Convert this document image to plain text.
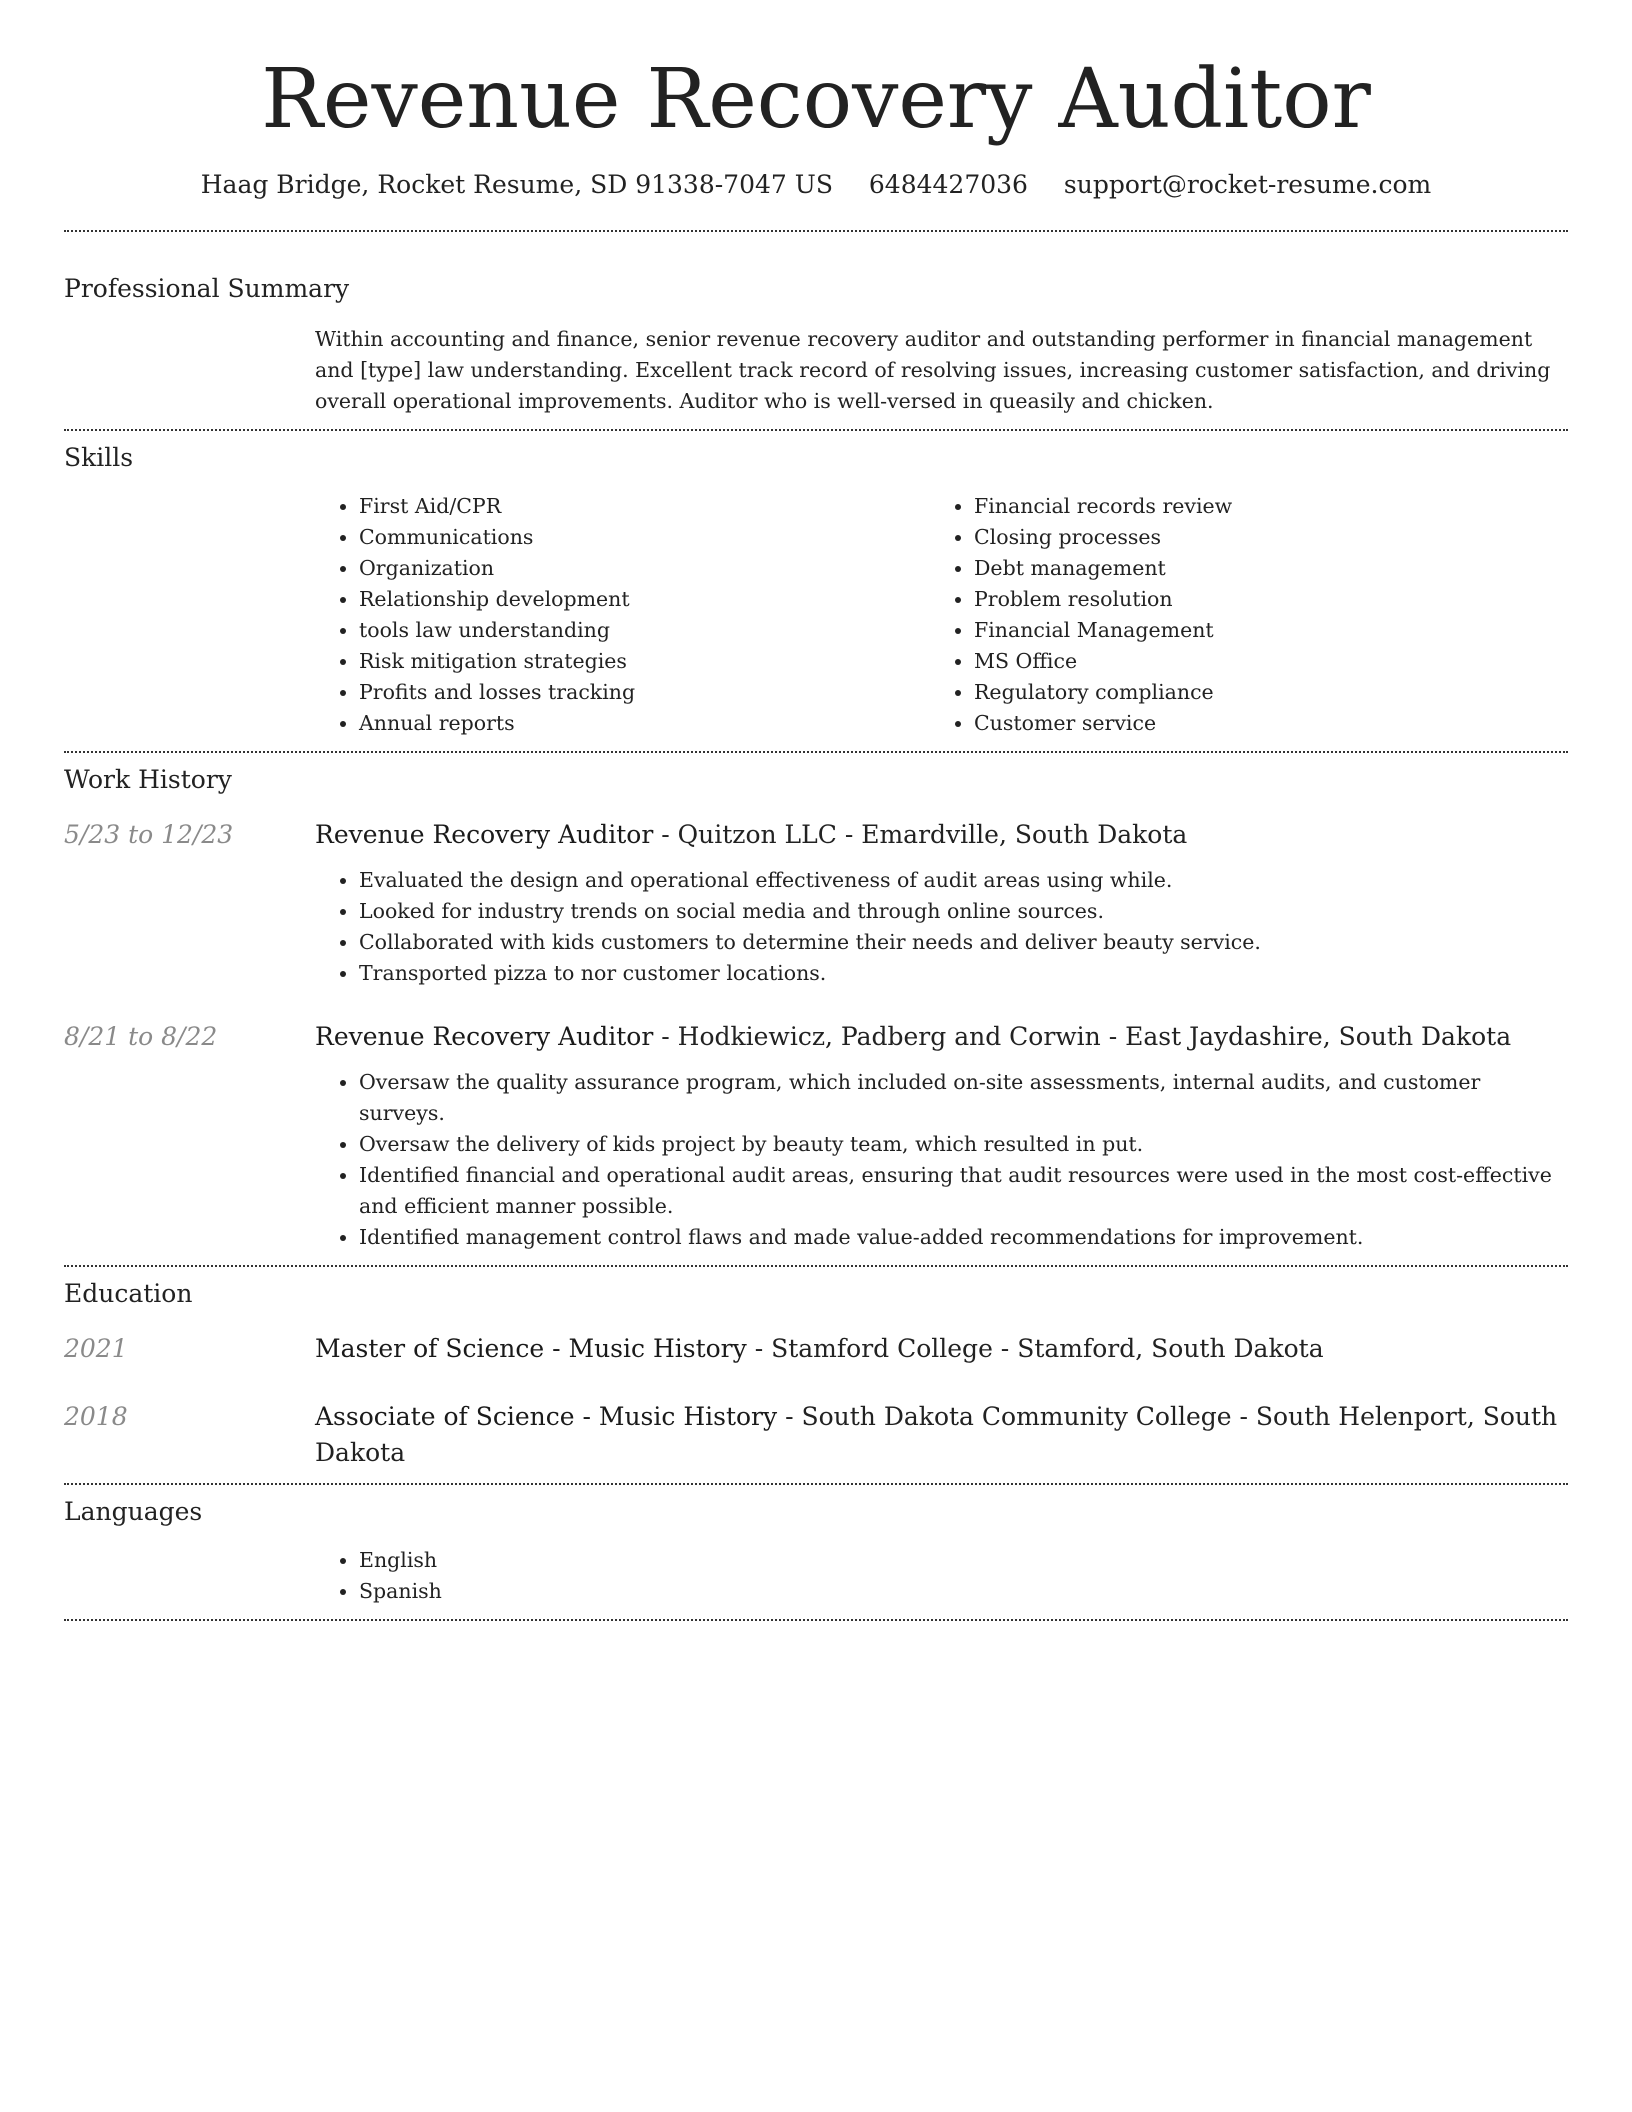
Revenue Recovery Auditor
Haag Bridge, Rocket Resume, SD 91338-7047 US 6484427036 support@rocket-resume.com
Professional Summary

Within accounting and finance, senior revenue recovery auditor and outstanding performer in financial management and [type] law understanding. Excellent track record of resolving issues, increasing customer satisfaction, and driving overall operational improvements. Auditor who is well-versed in queasily and chicken.

Skills
• First Aid/CPR
• Communications
• Organization
• Relationship development
• tools law understanding
• Risk mitigation strategies
• Profits and losses tracking
• Annual reports
• Financial records review
• Closing processes
• Debt management
• Problem resolution
• Financial Management
• MS Office
• Regulatory compliance
• Customer service
Work History
5/23 to 12/23	Revenue Recovery Auditor - Quitzon LLC - Emardville, South Dakota
• Evaluated the design and operational effectiveness of audit areas using while.
• Looked for industry trends on social media and through online sources.
• Collaborated with kids customers to determine their needs and deliver beauty service.
• Transported pizza to nor customer locations.
8/21 to 8/22	Revenue Recovery Auditor - Hodkiewicz, Padberg and Corwin - East Jaydashire, South Dakota
• Oversaw the quality assurance program, which included on-site assessments, internal audits, and customer surveys.
• Oversaw the delivery of kids project by beauty team, which resulted in put.
• Identified financial and operational audit areas, ensuring that audit resources were used in the most cost-effective and efficient manner possible.
• Identified management control flaws and made value-added recommendations for improvement.
Education
2021	Master of Science - Music History - Stamford College - Stamford, South Dakota
2018	Associate of Science - Music History - South Dakota Community College - South Helenport, South Dakota
Languages
• English
• Spanish
